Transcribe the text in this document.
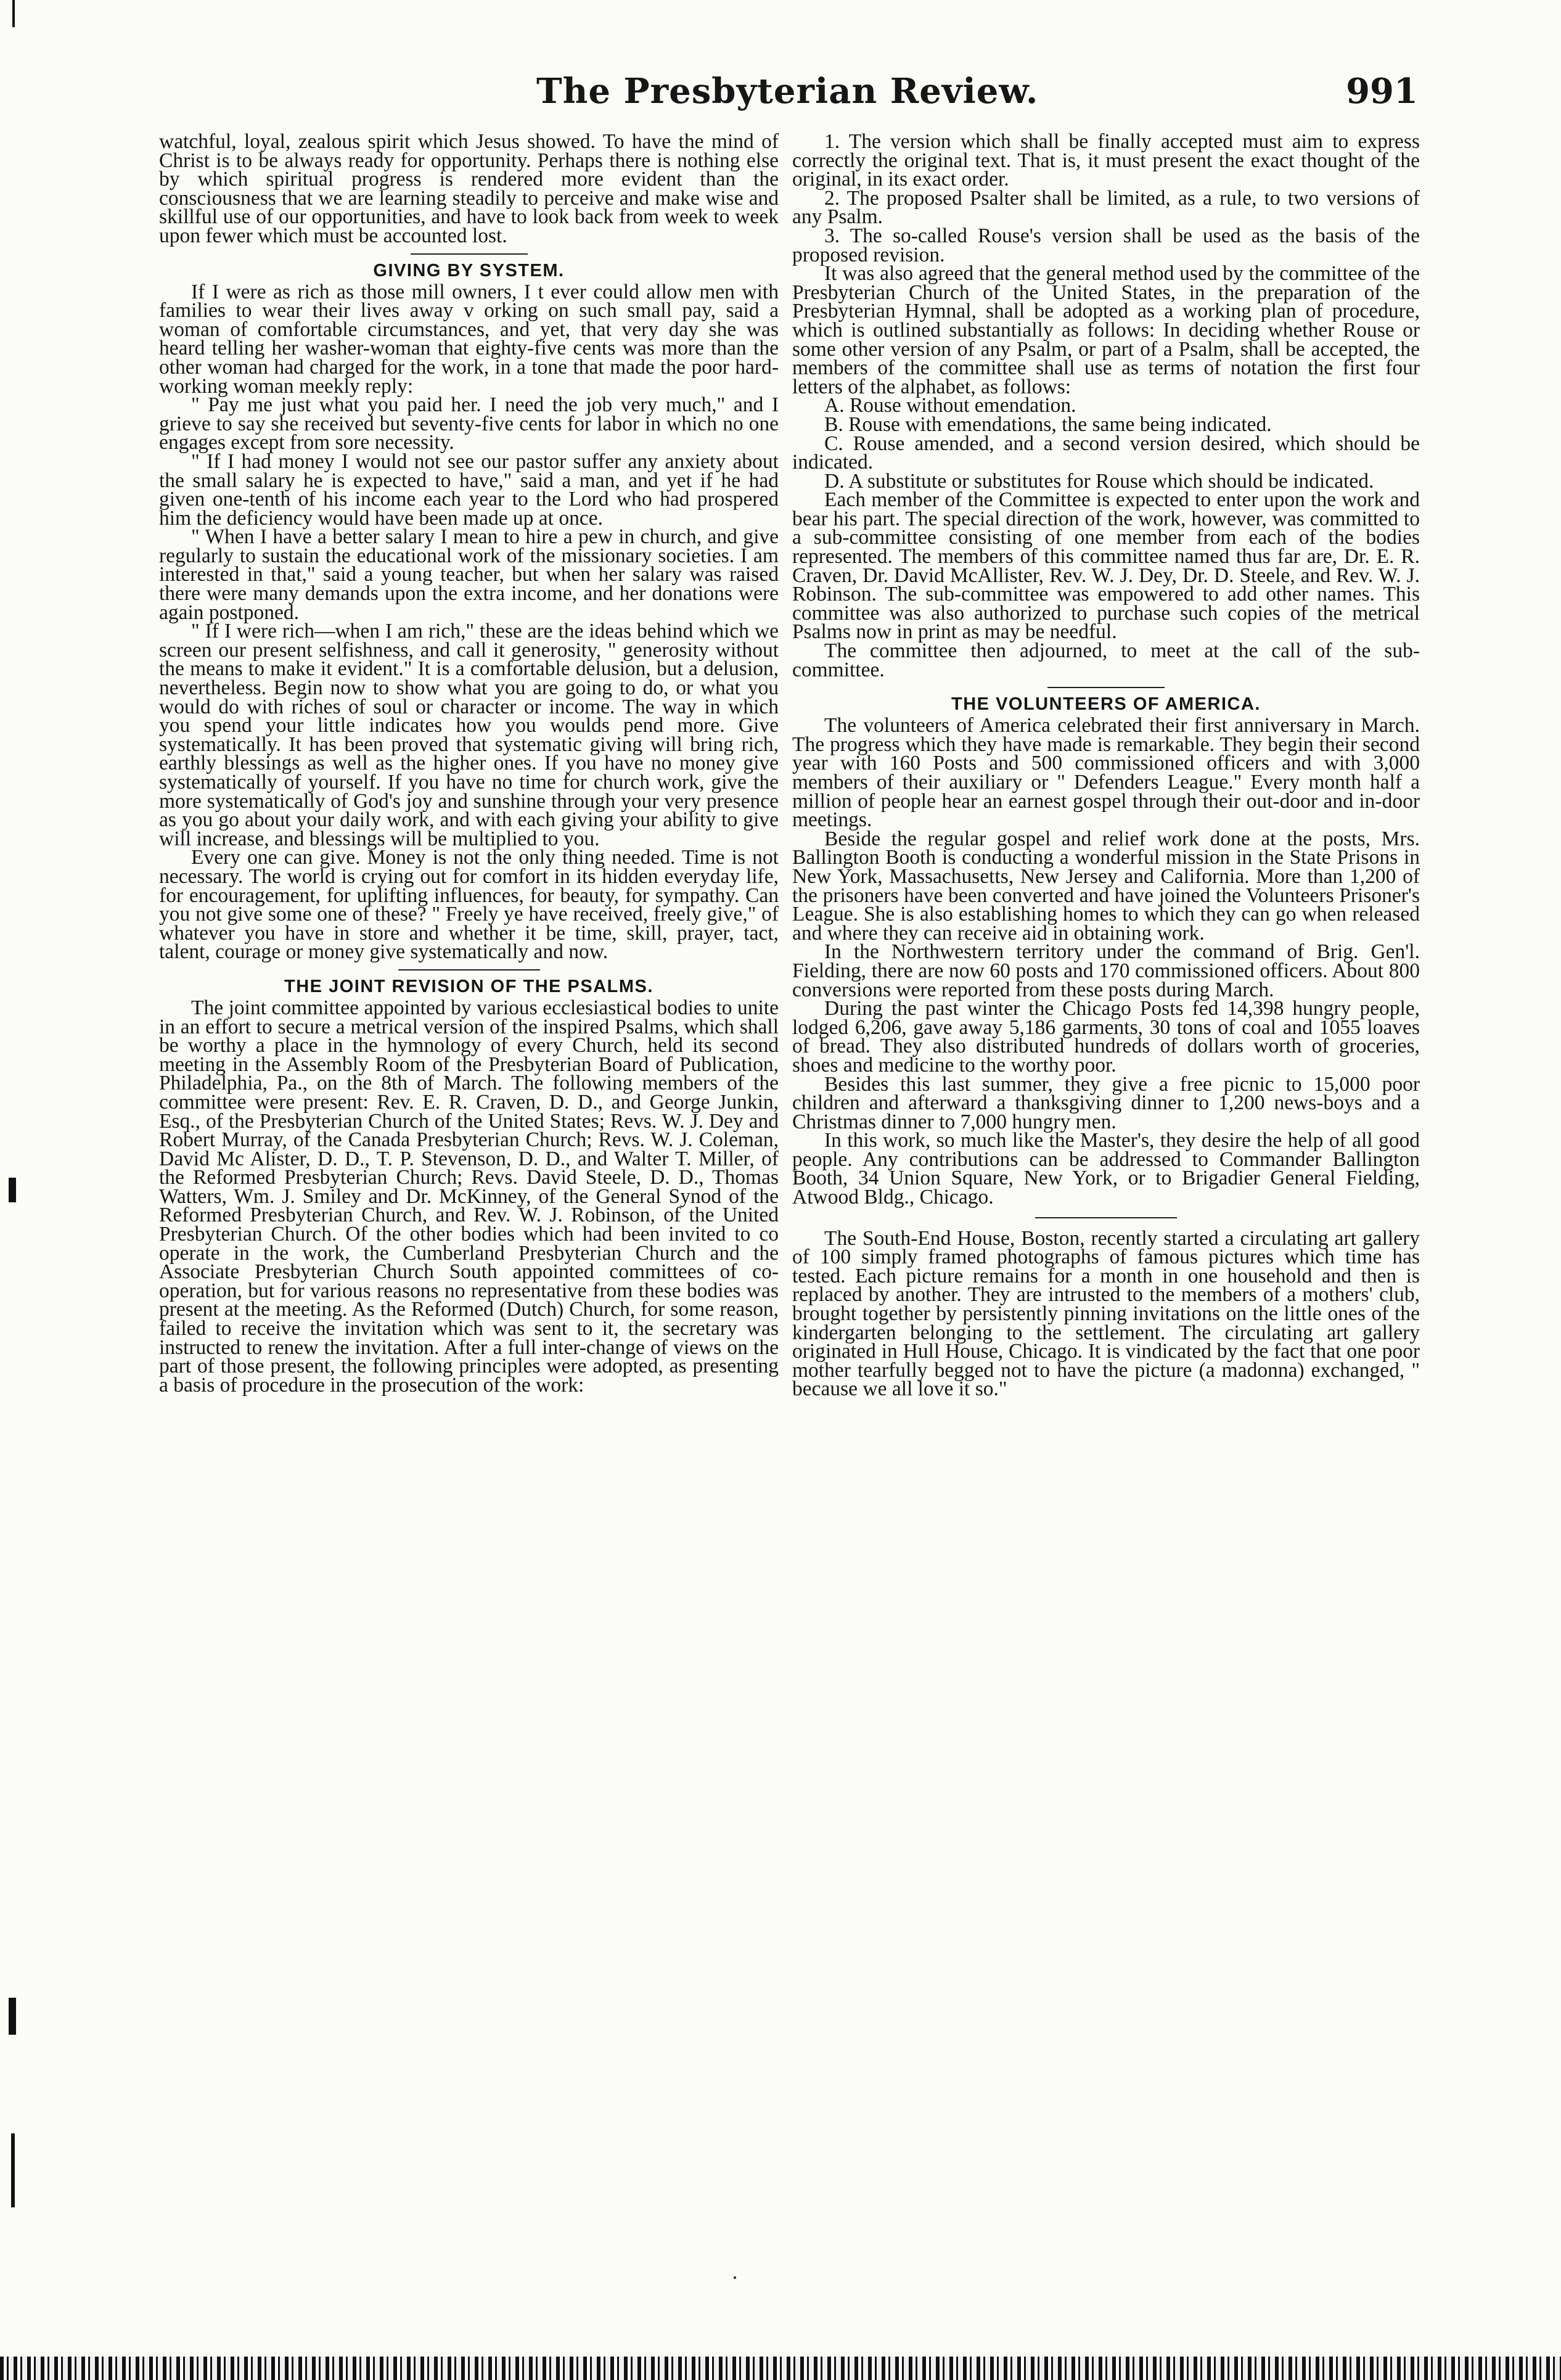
The Presbyterian Review.	991

watchful, loyal, zealous spirit which Jesus showed. To have the mind of Christ is to be always ready for opportunity. Perhaps there is nothing else by which spiritual progress is rendered more evident than the consciousness that we are learning steadily to perceive and make wise and skillful use of our opportunities, and have to look back from week to week upon fewer which must be accounted lost.

GIVING BY SYSTEM.

If I were as rich as those mill owners, I t ever could allow men with families to wear their lives away v orking on such small pay, said a woman of comfortable circumstances, and yet, that very day she was heard telling her washer-woman that eighty-five cents was more than the other woman had charged for the work, in a tone that made the poor hard-working woman meekly reply:

" Pay me just what you paid her. I need the job very much," and I grieve to say she received but seventy-five cents for labor in which no one engages except from sore necessity.

" If I had money I would not see our pastor suffer any anxiety about the small salary he is expected to have," said a man, and yet if he had given one-tenth of his income each year to the Lord who had prospered him the deficiency would have been made up at once.

" When I have a better salary I mean to hire a pew in church, and give regularly to sustain the educational work of the missionary societies. I am interested in that," said a young teacher, but when her salary was raised there were many demands upon the extra income, and her donations were again postponed.

" If I were rich—when I am rich," these are the ideas behind which we screen our present selfishness, and call it generosity, " generosity without the means to make it evident." It is a comfortable delusion, but a delusion, nevertheless. Begin now to show what you are going to do, or what you would do with riches of soul or character or income. The way in which you spend your little indicates how you woulds pend more. Give systematically. It has been proved that systematic giving will bring rich, earthly blessings as well as the higher ones. If you have no money give systematically of yourself. If you have no time for church work, give the more systematically of God's joy and sunshine through your very presence as you go about your daily work, and with each giving your ability to give will increase, and blessings will be multiplied to you.

Every one can give. Money is not the only thing needed. Time is not necessary. The world is crying out for comfort in its hidden everyday life, for encouragement, for uplifting influences, for beauty, for sympathy. Can you not give some one of these? " Freely ye have received, freely give," of whatever you have in store and whether it be time, skill, prayer, tact, talent, courage or money give systematically and now.

THE JOINT REVISION OF THE PSALMS.

The joint committee appointed by various ecclesiastical bodies to unite in an effort to secure a metrical version of the inspired Psalms, which shall be worthy a place in the hymnology of every Church, held its second meeting in the Assembly Room of the Presbyterian Board of Publication, Philadelphia, Pa., on the 8th of March. The following members of the committee were present: Rev. E. R. Craven, D. D., and George Junkin, Esq., of the Presbyterian Church of the United States; Revs. W. J. Dey and Robert Murray, of the Canada Presbyterian Church; Revs. W. J. Coleman, David Mc Alister, D. D., T. P. Stevenson, D. D., and Walter T. Miller, of the Reformed Presbyterian Church; Revs. David Steele, D. D., Thomas Watters, Wm. J. Smiley and Dr. McKinney, of the General Synod of the Reformed Presbyterian Church, and Rev. W. J. Robinson, of the United Presbyterian Church. Of the other bodies which had been invited to co operate in the work, the Cumberland Presbyterian Church and the Associate Presbyterian Church South appointed committees of co-operation, but for various reasons no representative from these bodies was present at the meeting. As the Reformed (Dutch) Church, for some reason, failed to receive the invitation which was sent to it, the secretary was instructed to renew the invitation. After a full inter-change of views on the part of those present, the following principles were adopted, as presenting a basis of procedure in the prosecution of the work:

1. The version which shall be finally accepted must aim to express correctly the original text. That is, it must present the exact thought of the original, in its exact order.

2. The proposed Psalter shall be limited, as a rule, to two versions of any Psalm.

3. The so-called Rouse's version shall be used as the basis of the proposed revision.

It was also agreed that the general method used by the committee of the Presbyterian Church of the United States, in the preparation of the Presbyterian Hymnal, shall be adopted as a working plan of procedure, which is outlined substantially as follows: In deciding whether Rouse or some other version of any Psalm, or part of a Psalm, shall be accepted, the members of the committee shall use as terms of notation the first four letters of the alphabet, as follows:

A. Rouse without emendation.

B. Rouse with emendations, the same being indicated.

C. Rouse amended, and a second version desired, which should be indicated.

D. A substitute or substitutes for Rouse which should be indicated.

Each member of the Committee is expected to enter upon the work and bear his part. The special direction of the work, however, was committed to a sub-committee consisting of one member from each of the bodies represented. The members of this committee named thus far are, Dr. E. R. Craven, Dr. David McAllister, Rev. W. J. Dey, Dr. D. Steele, and Rev. W. J. Robinson. The sub-committee was empowered to add other names. This committee was also authorized to purchase such copies of the metrical Psalms now in print as may be needful.

The committee then adjourned, to meet at the call of the sub-committee.

THE VOLUNTEERS OF AMERICA.

The volunteers of America celebrated their first anniversary in March. The progress which they have made is remarkable. They begin their second year with 160 Posts and 500 commissioned officers and with 3,000 members of their auxiliary or " Defenders League." Every month half a million of people hear an earnest gospel through their out-door and in-door meetings.

Beside the regular gospel and relief work done at the posts, Mrs. Ballington Booth is conducting a wonderful mission in the State Prisons in New York, Massachusetts, New Jersey and California. More than 1,200 of the prisoners have been converted and have joined the Volunteers Prisoner's League. She is also establishing homes to which they can go when released and where they can receive aid in obtaining work.

In the Northwestern territory under the command of Brig. Gen'l. Fielding, there are now 60 posts and 170 commissioned officers. About 800 conversions were reported from these posts during March.

During the past winter the Chicago Posts fed 14,398 hungry people, lodged 6,206, gave away 5,186 garments, 30 tons of coal and 1055 loaves of bread. They also distributed hundreds of dollars worth of groceries, shoes and medicine to the worthy poor.

Besides this last summer, they give a free picnic to 15,000 poor children and afterward a thanksgiving dinner to 1,200 news-boys and a Christmas dinner to 7,000 hungry men.

In this work, so much like the Master's, they desire the help of all good people. Any contributions can be addressed to Commander Ballington Booth, 34 Union Square, New York, or to Brigadier General Fielding, Atwood Bldg., Chicago.

The South-End House, Boston, recently started a circulating art gallery of 100 simply framed photographs of famous pictures which time has tested. Each picture remains for a month in one household and then is replaced by another. They are intrusted to the members of a mothers' club, brought together by persistently pinning invitations on the little ones of the kindergarten belonging to the settlement. The circulating art gallery originated in Hull House, Chicago. It is vindicated by the fact that one poor mother tearfully begged not to have the picture (a madonna) exchanged, " because we all love it so."
